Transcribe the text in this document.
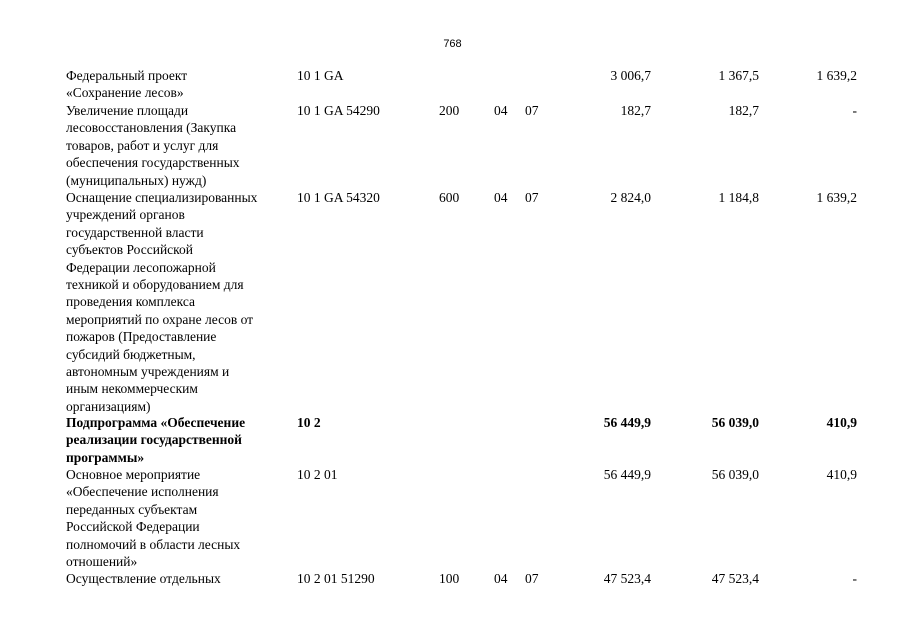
768
Федеральный проект
«Сохранение лесов»
10 1 GA	3 006,7	1 367,5	1 639,2
Увеличение площади
лесовосстановления (Закупка
товаров, работ и услуг для
обеспечения государственных
(муниципальных) нужд)
10 1 GA 54290	200	04 07	182,7	182,7	-
Оснащение специализированных
учреждений органов
государственной власти
субъектов Российской
Федерации лесопожарной
техникой и оборудованием для
проведения комплекса
мероприятий по охране лесов от
пожаров (Предоставление
субсидий бюджетным,
автономным учреждениям и
иным некоммерческим
организациям)
10 1 GA 54320	600	04 07	2 824,0	1 184,8	1 639,2
Подпрограмма «Обеспечение
реализации государственной
программы»
10 2	56 449,9	56 039,0	410,9
Основное мероприятие
«Обеспечение исполнения
переданных субъектам
Российской Федерации
полномочий в области лесных
отношений»
10 2 01	56 449,9	56 039,0	410,9
Осуществление отдельных	10 2 01 51290	100	04 07	47 523,4	47 523,4	-
